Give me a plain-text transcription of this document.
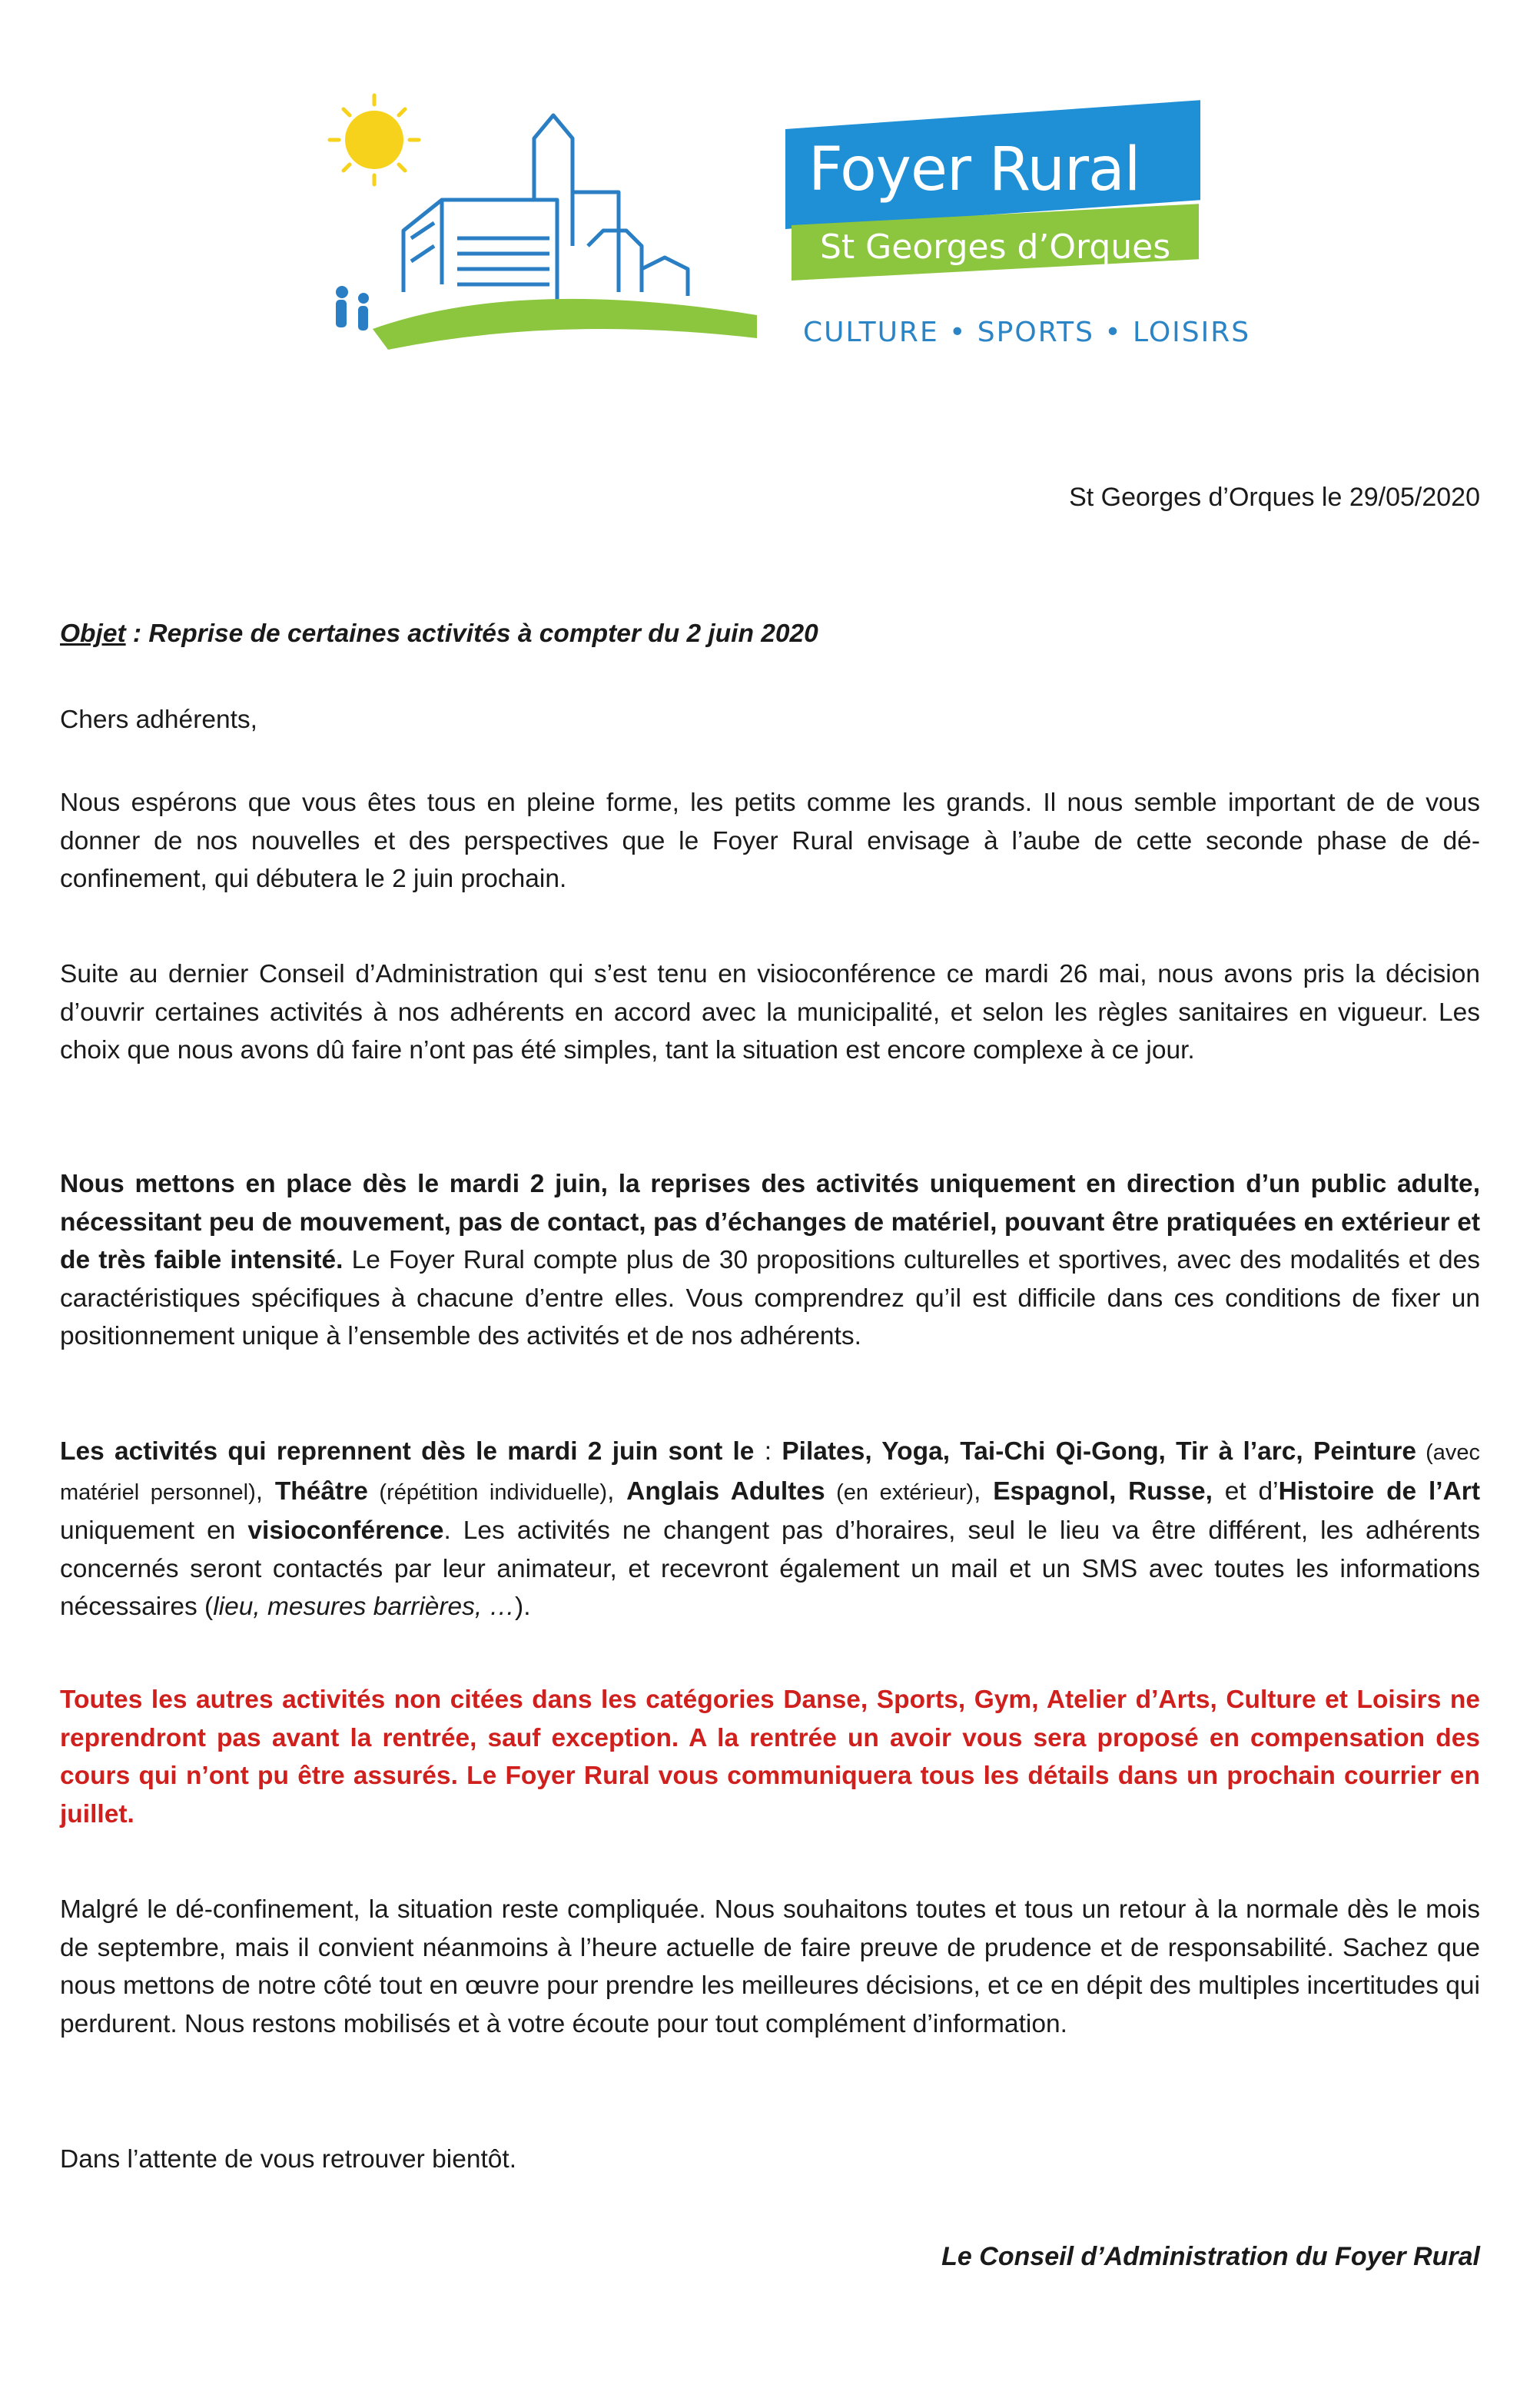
Foyer Rural
St Georges d’Orques
CULTURE • SPORTS • LOISIRS
St Georges d’Orques le 29/05/2020
Objet : Reprise de certaines activités à compter du 2 juin 2020
Chers adhérents,
Nous espérons que vous êtes tous en pleine forme, les petits comme les grands. Il nous semble important de de vous donner de nos nouvelles et des perspectives que le Foyer Rural envisage à l’aube de cette seconde phase de dé-confinement, qui débutera le 2 juin prochain.
Suite au dernier Conseil d’Administration qui s’est tenu en visioconférence ce mardi 26 mai, nous avons pris la décision d’ouvrir certaines activités à nos adhérents en accord avec la municipalité, et selon les règles sanitaires en vigueur. Les choix que nous avons dû faire n’ont pas été simples, tant la situation est encore complexe à ce jour.
Nous mettons en place dès le mardi 2 juin, la reprises des activités uniquement en direction d’un public adulte, nécessitant peu de mouvement, pas de contact, pas d’échanges de matériel, pouvant être pratiquées en extérieur et de très faible intensité. Le Foyer Rural compte plus de 30 propositions culturelles et sportives, avec des modalités et des caractéristiques spécifiques à chacune d’entre elles. Vous comprendrez qu’il est difficile dans ces conditions de fixer un positionnement unique à l’ensemble des activités et de nos adhérents.
Les activités qui reprennent dès le mardi 2 juin sont le : Pilates, Yoga, Tai-Chi Qi-Gong, Tir à l’arc, Peinture (avec matériel personnel), Théâtre (répétition individuelle), Anglais Adultes (en extérieur), Espagnol, Russe, et d’Histoire de l’Art uniquement en visioconférence. Les activités ne changent pas d’horaires, seul le lieu va être différent, les adhérents concernés seront contactés par leur animateur, et recevront également un mail et un SMS avec toutes les informations nécessaires (lieu, mesures barrières, …).
Toutes les autres activités non citées dans les catégories Danse, Sports, Gym, Atelier d’Arts, Culture et Loisirs ne reprendront pas avant la rentrée, sauf exception. A la rentrée un avoir vous sera proposé en compensation des cours qui n’ont pu être assurés. Le Foyer Rural vous communiquera tous les détails dans un prochain courrier en juillet.
Malgré le dé-confinement, la situation reste compliquée. Nous souhaitons toutes et tous un retour à la normale dès le mois de septembre, mais il convient néanmoins à l’heure actuelle de faire preuve de prudence et de responsabilité. Sachez que nous mettons de notre côté tout en œuvre pour prendre les meilleures décisions, et ce en dépit des multiples incertitudes qui perdurent. Nous restons mobilisés et à votre écoute pour tout complément d’information.
Dans l’attente de vous retrouver bientôt.
Le Conseil d’Administration du Foyer Rural
